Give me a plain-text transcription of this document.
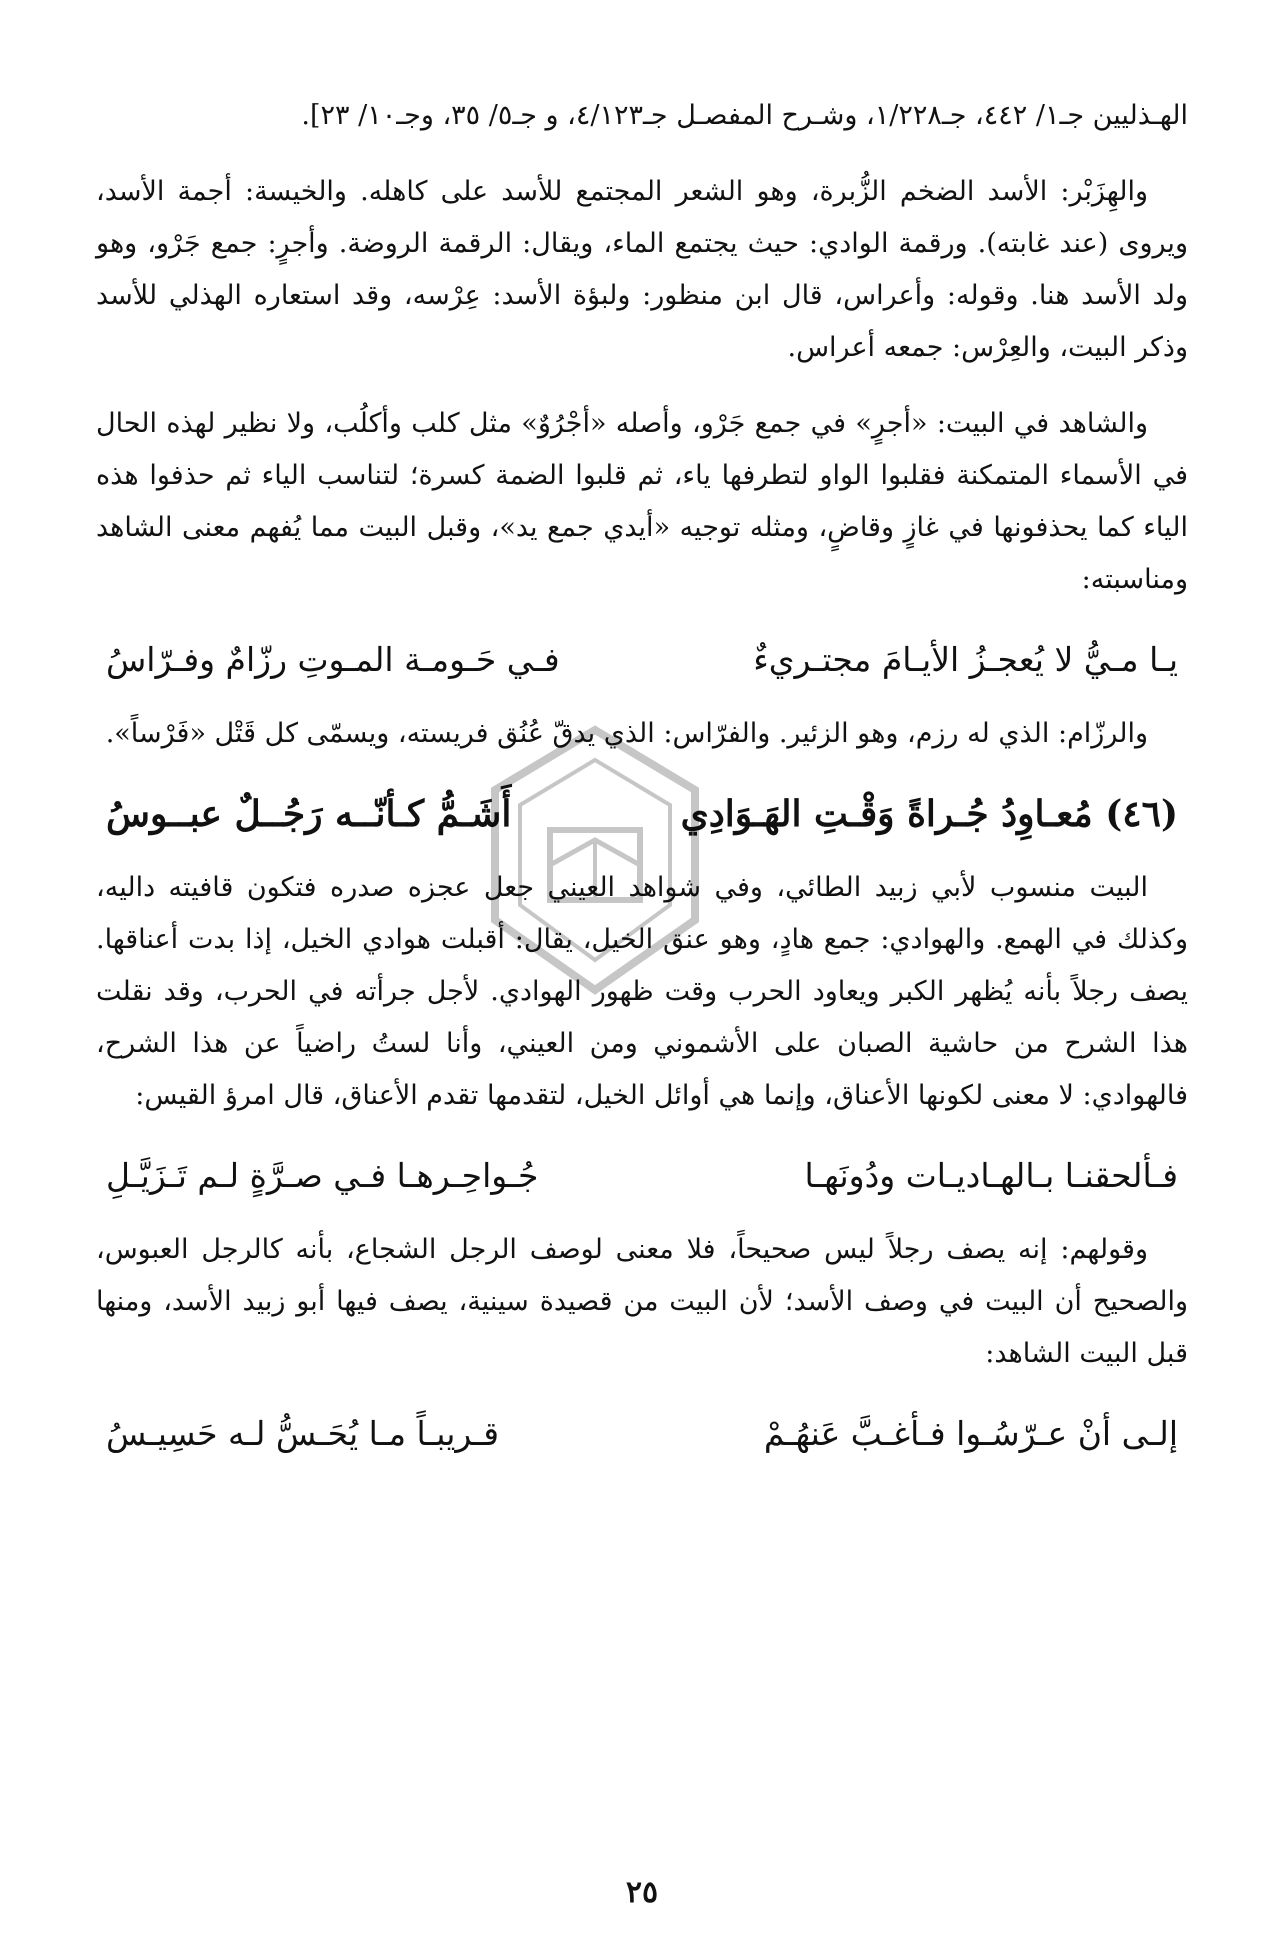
الهـذليين جـ١/ ٤٤٢، جـ١/٢٢٨، وشـرح المفصـل جـ٤/١٢٣، و جـ٥/ ٣٥، وجـ١٠/ ٢٣].

والهِزَبْر: الأسد الضخم الزُّبرة، وهو الشعر المجتمع للأسد على كاهله. والخيسة: أجمة الأسد، ويروى (عند غابته). ورقمة الوادي: حيث يجتمع الماء، ويقال: الرقمة الروضة. وأجرٍ: جمع جَرْو، وهو ولد الأسد هنا. وقوله: وأعراس، قال ابن منظور: ولبؤة الأسد: عِرْسه، وقد استعاره الهذلي للأسد وذكر البيت، والعِرْس: جمعه أعراس.

والشاهد في البيت: «أجرٍ» في جمع جَرْو، وأصله «أجْرُوٌ» مثل كلب وأكلُب، ولا نظير لهذه الحال في الأسماء المتمكنة فقلبوا الواو لتطرفها ياء، ثم قلبوا الضمة كسرة؛ لتناسب الياء ثم حذفوا هذه الياء كما يحذفونها في غازٍ وقاضٍ، ومثله توجيه «أيدي جمع يد»، وقبل البيت مما يُفهم معنى الشاهد ومناسبته:

يـا مـيُّ لا يُعجـزُ الأيـامَ مجتـريءٌ
فـي حَـومـة المـوتِ رزّامٌ وفـرّاسُ

والرزّام: الذي له رزم، وهو الزئير. والفرّاس: الذي يدقّ عُنُق فريسته، ويسمّى كل قَتْل «فَرْساً».

(٤٦) مُعـاوِدُ جُـراةً وَقْـتِ الهَـوَادِي
أَشَـمُّ كـأنّــه رَجُــلٌ عبــوسُ

البيت منسوب لأبي زبيد الطائي، وفي شواهد العيني جعل عجزه صدره فتكون قافيته داليه، وكذلك في الهمع. والهوادي: جمع هادٍ، وهو عنق الخيل، يقال: أقبلت هوادي الخيل، إذا بدت أعناقها. يصف رجلاً بأنه يُظهر الكبر ويعاود الحرب وقت ظهور الهوادي. لأجل جرأته في الحرب، وقد نقلت هذا الشرح من حاشية الصبان على الأشموني ومن العيني، وأنا لستُ راضياً عن هذا الشرح، فالهوادي: لا معنى لكونها الأعناق، وإنما هي أوائل الخيل، لتقدمها تقدم الأعناق، قال امرؤ القيس:

فـألحقنـا بـالهـاديـات ودُونَهـا
جُـواحِـرهـا فـي صـرَّةٍ لـم تَـزَيَّـلِ

وقولهم: إنه يصف رجلاً ليس صحيحاً، فلا معنى لوصف الرجل الشجاع، بأنه كالرجل العبوس، والصحيح أن البيت في وصف الأسد؛ لأن البيت من قصيدة سينية، يصف فيها أبو زبيد الأسد، ومنها قبل البيت الشاهد:

إلـى أنْ عـرّسُـوا فـأغـبَّ عَنهُـمْ
قـريبـاً مـا يُحَـسُّ لـه حَسِيـسُ
٢٥
